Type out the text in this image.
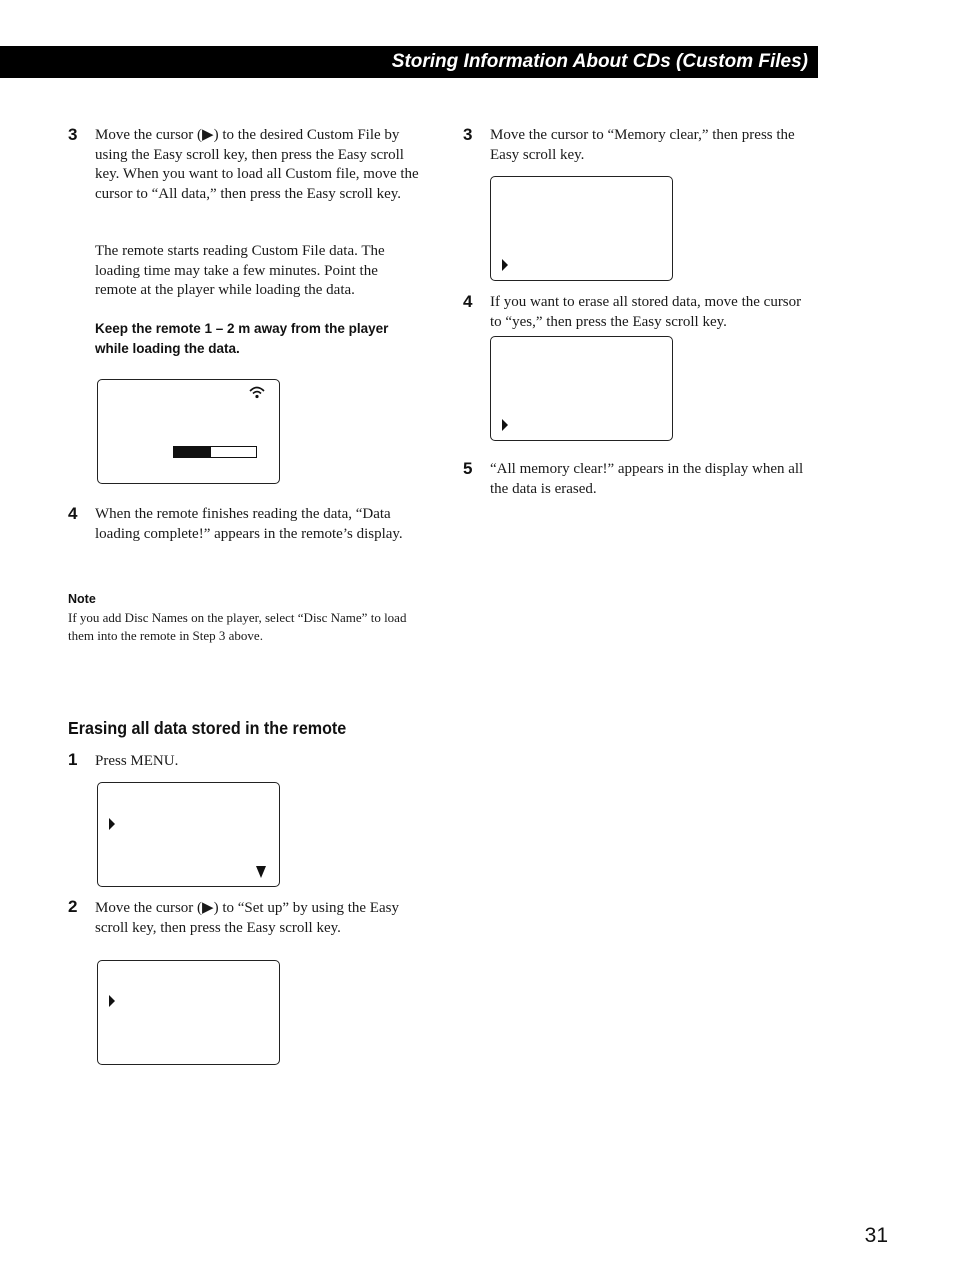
Storing Information About CDs (Custom Files)
3 Move the cursor (▶) to the desired Custom File by using the Easy scroll key, then press the Easy scroll key. When you want to load all Custom file, move the cursor to “All data,” then press the Easy scroll key.
The remote starts reading Custom File data. The loading time may take a few minutes. Point the remote at the player while loading the data.
Keep the remote 1 – 2 m away from the player while loading the data.
4 When the remote finishes reading the data, “Data loading complete!” appears in the remote’s display.
Note
If you add Disc Names on the player, select “Disc Name” to load them into the remote in Step 3 above.
Erasing all data stored in the remote
1 Press MENU.
2 Move the cursor (▶) to “Set up” by using the Easy scroll key, then press the Easy scroll key.
3 Move the cursor to “Memory clear,” then press the Easy scroll key.
4 If you want to erase all stored data, move the cursor to “yes,” then press the Easy scroll key.
5 “All memory clear!” appears in the display when all the data is erased.
31
